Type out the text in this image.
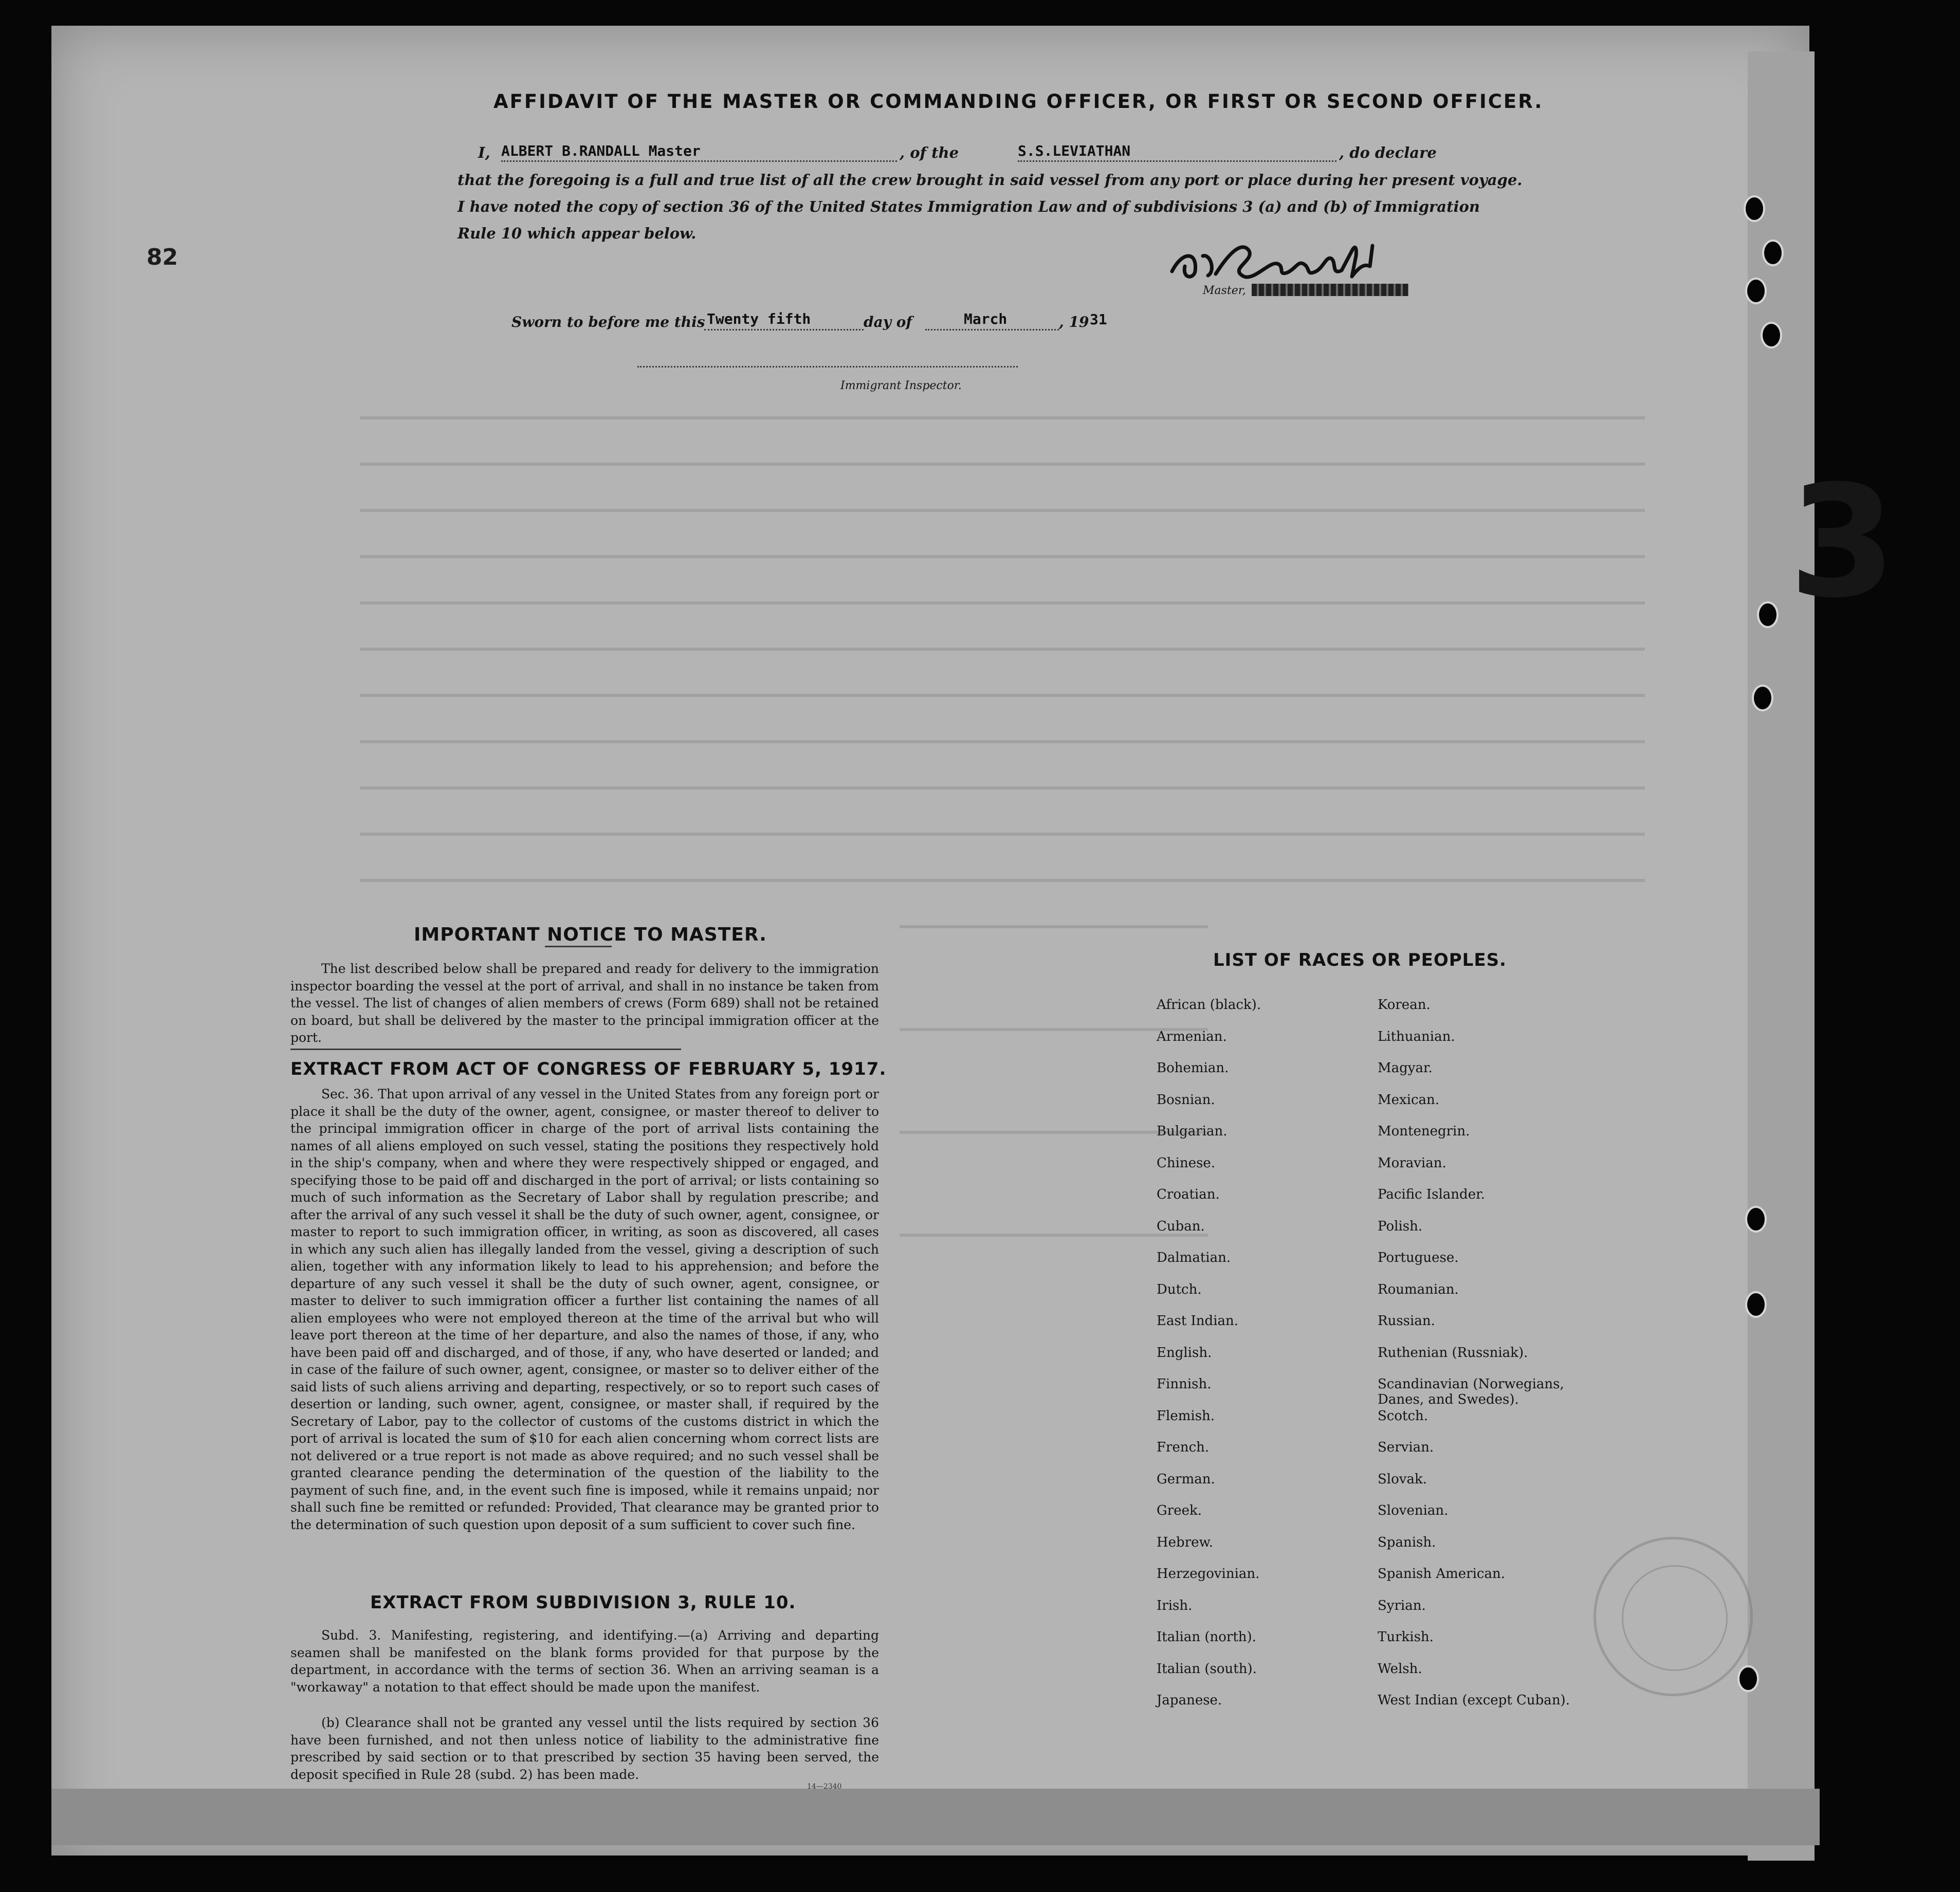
AFFIDAVIT OF THE MASTER OR COMMANDING OFFICER, OR FIRST OR SECOND OFFICER.
I, ALBERT B.RANDALL Master	, of the	S.S.LEVIATHAN	, do declare
that the foregoing is a full and true list of all the crew brought in said vessel from any port or place during her present voyage.
I have noted the copy of section 36 of the United States Immigration Law and of subdivisions 3 (a) and (b) of Immigration
Rule 10 which appear below.
Master,
Sworn to before me this Twenty fifth	day of	March	, 19 31
Immigrant Inspector.
IMPORTANT NOTICE TO MASTER.
The list described below shall be prepared and ready for delivery to the immigration inspector boarding the vessel at the port of arrival, and shall in no instance be taken from the vessel. The list of changes of alien members of crews (Form 689) shall not be retained on board, but shall be delivered by the master to the principal immigration officer at the port.
EXTRACT FROM ACT OF CONGRESS OF FEBRUARY 5, 1917.
Sec. 36. That upon arrival of any vessel in the United States from any foreign port or place it shall be the duty of the owner, agent, consignee, or master thereof to deliver to the principal immigration officer in charge of the port of arrival lists containing the names of all aliens employed on such vessel, stating the positions they respectively hold in the ship's company, when and where they were respectively shipped or engaged, and specifying those to be paid off and discharged in the port of arrival; or lists containing so much of such information as the Secretary of Labor shall by regulation prescribe; and after the arrival of any such vessel it shall be the duty of such owner, agent, consignee, or master to report to such immigration officer, in writing, as soon as discovered, all cases in which any such alien has illegally landed from the vessel, giving a description of such alien, together with any information likely to lead to his apprehension; and before the departure of any such vessel it shall be the duty of such owner, agent, consignee, or master to deliver to such immigration officer a further list containing the names of all alien employees who were not employed thereon at the time of the arrival but who will leave port thereon at the time of her departure, and also the names of those, if any, who have been paid off and discharged, and of those, if any, who have deserted or landed; and in case of the failure of such owner, agent, consignee, or master so to deliver either of the said lists of such aliens arriving and departing, respectively, or so to report such cases of desertion or landing, such owner, agent, consignee, or master shall, if required by the Secretary of Labor, pay to the collector of customs of the customs district in which the port of arrival is located the sum of $10 for each alien concerning whom correct lists are not delivered or a true report is not made as above required; and no such vessel shall be granted clearance pending the determination of the question of the liability to the payment of such fine, and, in the event such fine is imposed, while it remains unpaid; nor shall such fine be remitted or refunded: Provided, That clearance may be granted prior to the determination of such question upon deposit of a sum sufficient to cover such fine.
EXTRACT FROM SUBDIVISION 3, RULE 10.
Subd. 3. Manifesting, registering, and identifying.—(a) Arriving and departing seamen shall be manifested on the blank forms provided for that purpose by the department, in accordance with the terms of section 36. When an arriving seaman is a "workaway" a notation to that effect should be made upon the manifest.
(b) Clearance shall not be granted any vessel until the lists required by section 36 have been furnished, and not then unless notice of liability to the administrative fine prescribed by said section or to that prescribed by section 35 having been served, the deposit specified in Rule 28 (subd. 2) has been made.
14—2340
LIST OF RACES OR PEOPLES.
African (black).
Armenian.
Bohemian.
Bosnian.
Bulgarian.
Chinese.
Croatian.
Cuban.
Dalmatian.
Dutch.
East Indian.
English.
Finnish.
Flemish.
French.
German.
Greek.
Hebrew.
Herzegovinian.
Irish.
Italian (north).
Italian (south).
Japanese.
Korean.
Lithuanian.
Magyar.
Mexican.
Montenegrin.
Moravian.
Pacific Islander.
Polish.
Portuguese.
Roumanian.
Russian.
Ruthenian (Russniak).
Scandinavian (Norwegians, Danes, and Swedes).
Scotch.
Servian.
Slovak.
Slovenian.
Spanish.
Spanish American.
Syrian.
Turkish.
Welsh.
West Indian (except Cuban).
3
82
